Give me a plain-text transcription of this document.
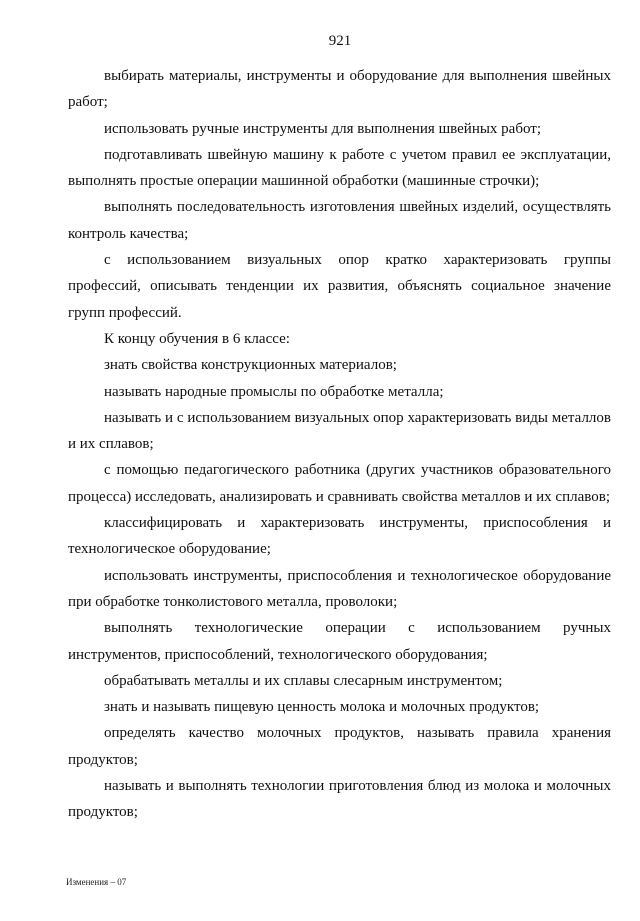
921

выбирать материалы, инструменты и оборудование для выполнения швейных работ;

использовать ручные инструменты для выполнения швейных работ;

подготавливать швейную машину к работе с учетом правил ее эксплуатации, выполнять простые операции машинной обработки (машинные строчки);

выполнять последовательность изготовления швейных изделий, осуществлять контроль качества;

с использованием визуальных опор кратко характеризовать группы профессий, описывать тенденции их развития, объяснять социальное значение групп профессий.

К концу обучения в 6 классе:

знать свойства конструкционных материалов;

называть народные промыслы по обработке металла;

называть и с использованием визуальных опор характеризовать виды металлов и их сплавов;

с помощью педагогического работника (других участников образовательного процесса) исследовать, анализировать и сравнивать свойства металлов и их сплавов;

классифицировать и характеризовать инструменты, приспособления и технологическое оборудование;

использовать инструменты, приспособления и технологическое оборудование при обработке тонколистового металла, проволоки;

выполнять технологические операции с использованием ручных инструментов, приспособлений, технологического оборудования;

обрабатывать металлы и их сплавы слесарным инструментом;

знать и называть пищевую ценность молока и молочных продуктов;

определять качество молочных продуктов, называть правила хранения продуктов;

называть и выполнять технологии приготовления блюд из молока и молочных продуктов;

Изменения – 07
